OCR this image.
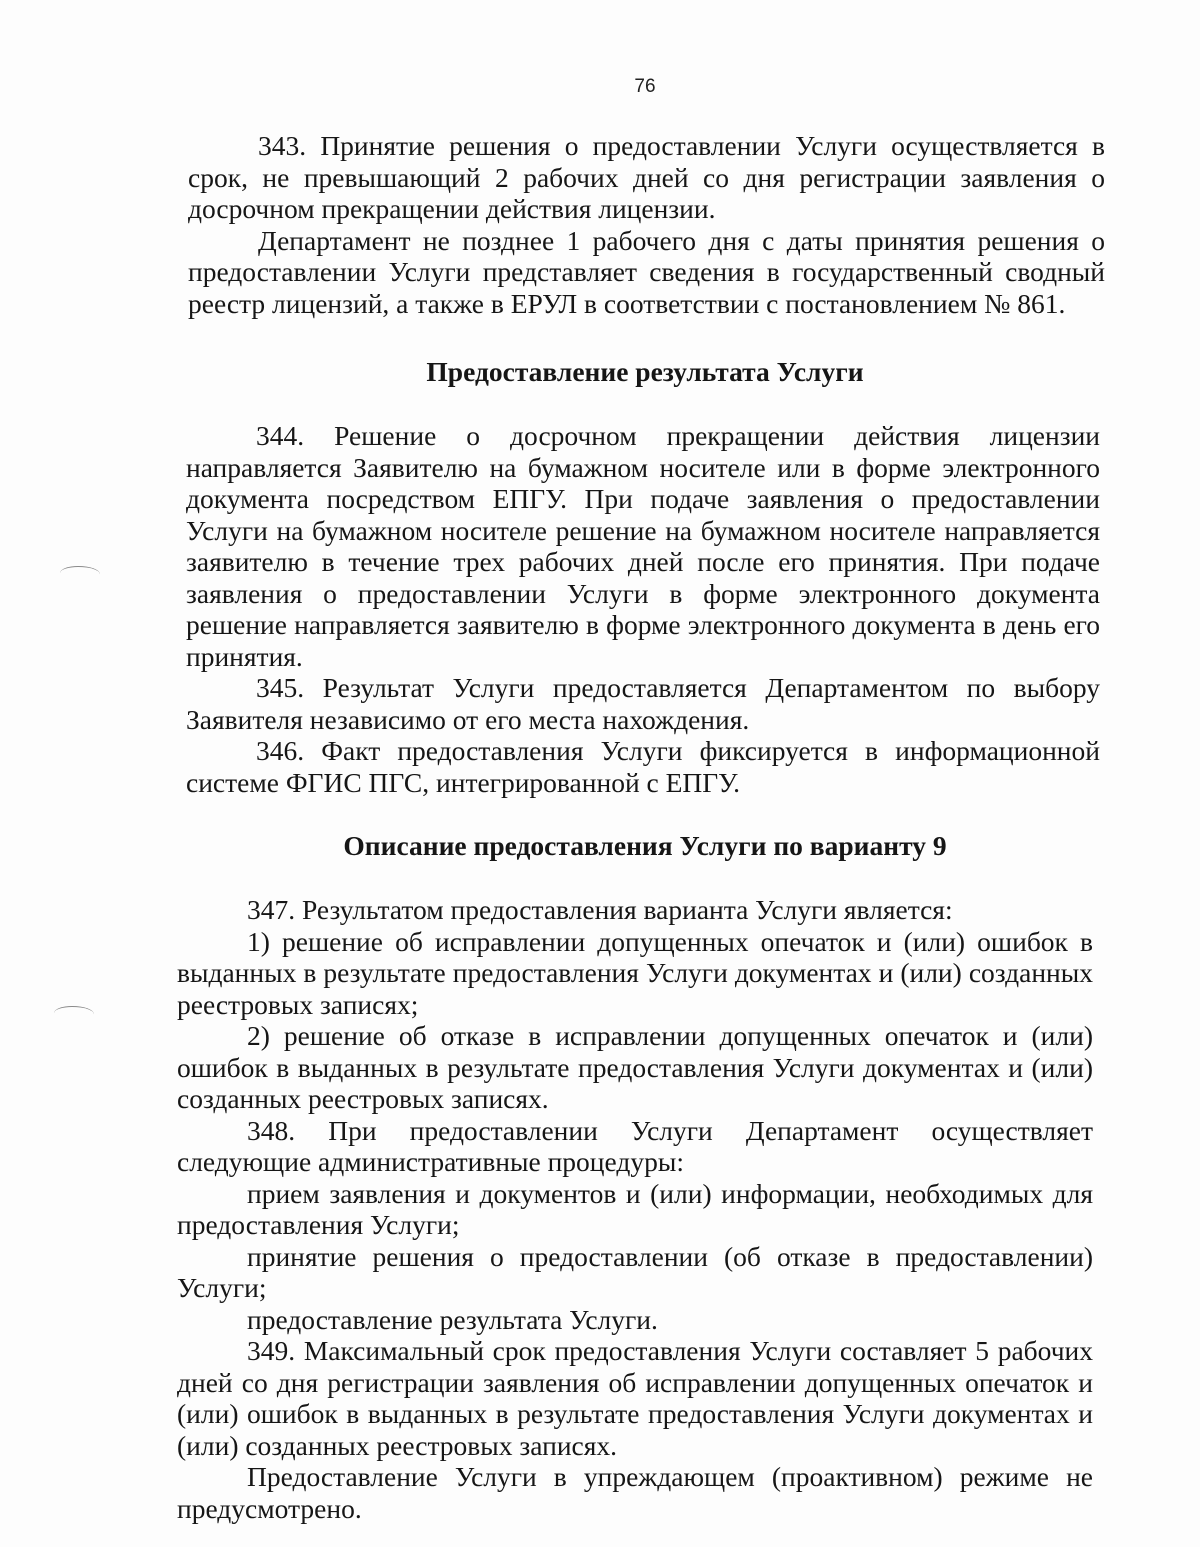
76

343. Принятие решения о предоставлении Услуги осуществляется в срок, не превышающий 2 рабочих дней со дня регистрации заявления о досрочном прекращении действия лицензии.

Департамент не позднее 1 рабочего дня с даты принятия решения о предоставлении Услуги представляет сведения в государственный сводный реестр лицензий, а также в ЕРУЛ в соответствии с постановлением № 861.

Предоставление результата Услуги

344. Решение о досрочном прекращении действия лицензии направляется Заявителю на бумажном носителе или в форме электронного документа посредством ЕПГУ. При подаче заявления о предоставлении Услуги на бумажном носителе решение на бумажном носителе направляется заявителю в течение трех рабочих дней после его принятия. При подаче заявления о предоставлении Услуги в форме электронного документа решение направляется заявителю в форме электронного документа в день его принятия.

345. Результат Услуги предоставляется Департаментом по выбору Заявителя независимо от его места нахождения.

346. Факт предоставления Услуги фиксируется в информационной системе ФГИС ПГС, интегрированной с ЕПГУ.

Описание предоставления Услуги по варианту 9

347. Результатом предоставления варианта Услуги является:

1) решение об исправлении допущенных опечаток и (или) ошибок в выданных в результате предоставления Услуги документах и (или) созданных реестровых записях;

2) решение об отказе в исправлении допущенных опечаток и (или) ошибок в выданных в результате предоставления Услуги документах и (или) созданных реестровых записях.

348. При предоставлении Услуги Департамент осуществляет следующие административные процедуры:

прием заявления и документов и (или) информации, необходимых для предоставления Услуги;

принятие решения о предоставлении (об отказе в предоставлении) Услуги;

предоставление результата Услуги.

349. Максимальный срок предоставления Услуги составляет 5 рабочих дней со дня регистрации заявления об исправлении допущенных опечаток и (или) ошибок в выданных в результате предоставления Услуги документах и (или) созданных реестровых записях.

Предоставление Услуги в упреждающем (проактивном) режиме не предусмотрено.
